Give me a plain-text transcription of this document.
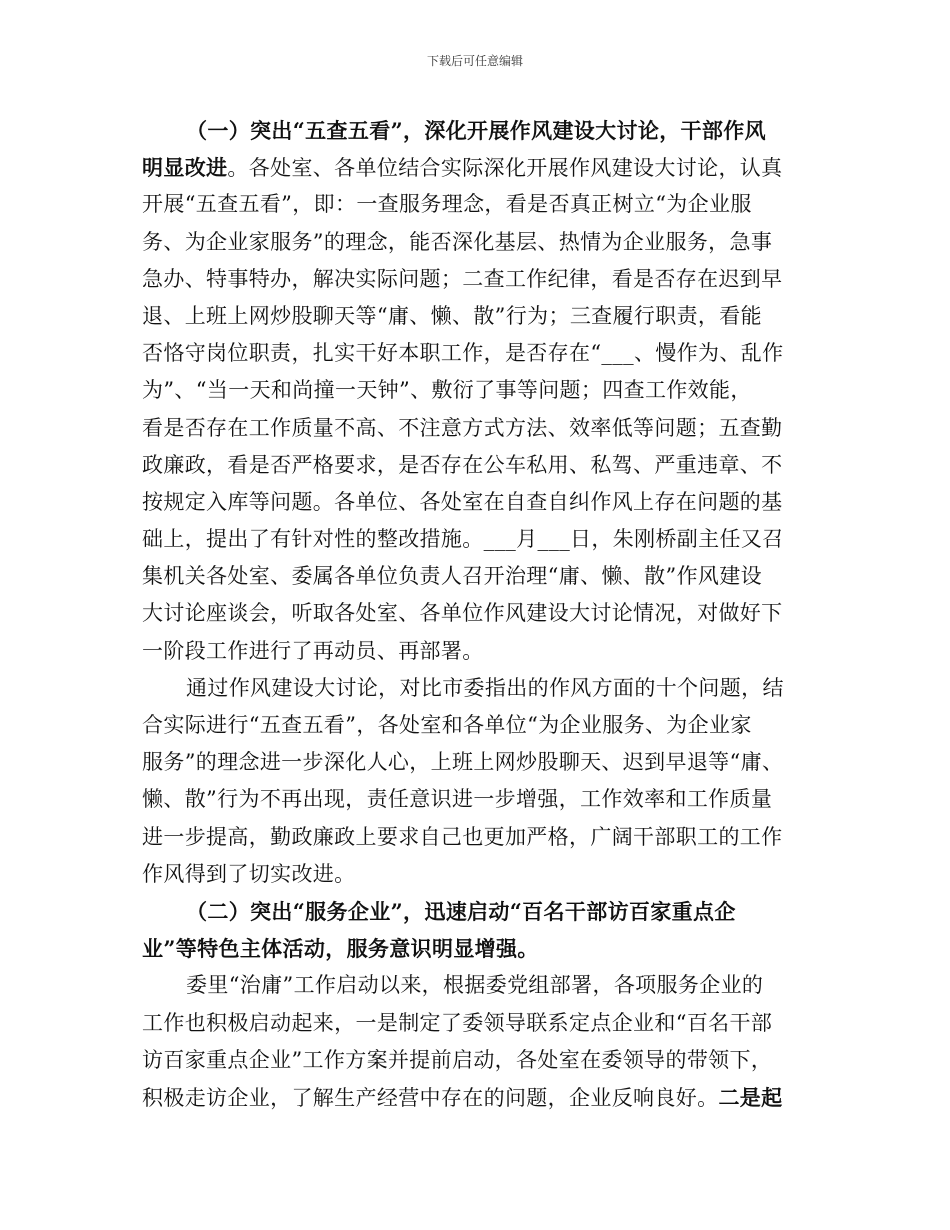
下载后可任意编辑
（一）突出“五查五看”，深化开展作风建设大讨论，干部作风
明显改进。各处室、各单位结合实际深化开展作风建设大讨论，认真
开展“五查五看”，即：一查服务理念，看是否真正树立“为企业服
务、为企业家服务”的理念，能否深化基层、热情为企业服务，急事
急办、特事特办，解决实际问题；二查工作纪律，看是否存在迟到早
退、上班上网炒股聊天等“庸、懒、散”行为；三查履行职责，看能
否恪守岗位职责，扎实干好本职工作，是否存在“___、慢作为、乱作
为”、“当一天和尚撞一天钟”、敷衍了事等问题；四查工作效能，
看是否存在工作质量不高、不注意方式方法、效率低等问题；五查勤
政廉政，看是否严格要求，是否存在公车私用、私驾、严重违章、不
按规定入库等问题。各单位、各处室在自查自纠作风上存在问题的基
础上，提出了有针对性的整改措施。___月___日，朱刚桥副主任又召
集机关各处室、委属各单位负责人召开治理“庸、懒、散”作风建设
大讨论座谈会，听取各处室、各单位作风建设大讨论情况，对做好下
一阶段工作进行了再动员、再部署。
通过作风建设大讨论，对比市委指出的作风方面的十个问题，结
合实际进行“五查五看”，各处室和各单位“为企业服务、为企业家
服务”的理念进一步深化人心，上班上网炒股聊天、迟到早退等“庸、
懒、散”行为不再出现，责任意识进一步增强，工作效率和工作质量
进一步提高，勤政廉政上要求自己也更加严格，广阔干部职工的工作
作风得到了切实改进。
（二）突出“服务企业”，迅速启动“百名干部访百家重点企
业”等特色主体活动，服务意识明显增强。
委里“治庸”工作启动以来，根据委党组部署，各项服务企业的
工作也积极启动起来，一是制定了委领导联系定点企业和“百名干部
访百家重点企业”工作方案并提前启动，各处室在委领导的带领下，
积极走访企业，了解生产经营中存在的问题，企业反响良好。二是起
